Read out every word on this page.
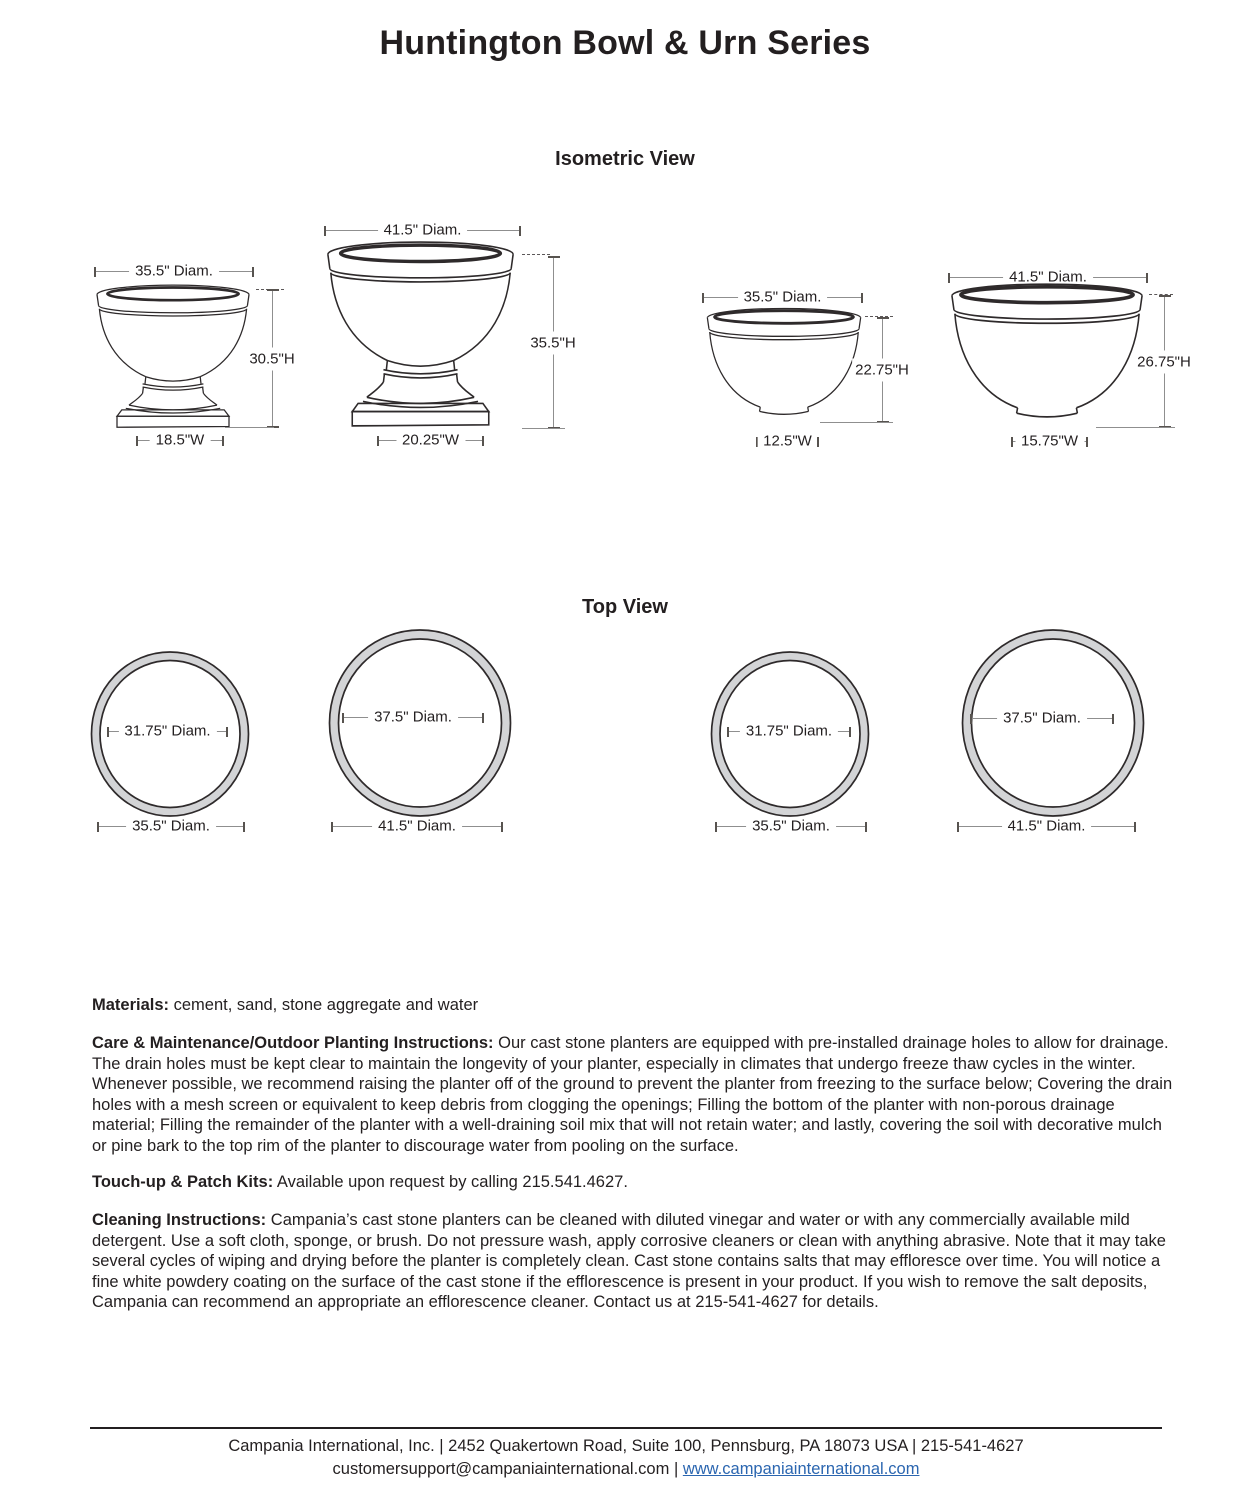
Huntington Bowl & Urn Series
Isometric View
35.5" Diam.
30.5"H
18.5"W
41.5" Diam.
35.5"H
20.25"W
35.5" Diam.
22.75"H
12.5"W
41.5" Diam.
26.75"H
15.75"W
Top View
31.75" Diam.
35.5" Diam.
37.5" Diam.
41.5" Diam.
31.75" Diam.
35.5" Diam.
37.5" Diam.
41.5" Diam.
Materials: cement, sand, stone aggregate and water
Care & Maintenance/Outdoor Planting Instructions: Our cast stone planters are equipped with pre-installed drainage holes to allow for drainage. The drain holes must be kept clear to maintain the longevity of your planter, especially in climates that undergo freeze thaw cycles in the winter. Whenever possible, we recommend raising the planter off of the ground to prevent the planter from freezing to the surface below; Covering the drain holes with a mesh screen or equivalent to keep debris from clogging the openings; Filling the bottom of the planter with non-porous drainage material; Filling the remainder of the planter with a well-draining soil mix that will not retain water; and lastly, covering the soil with decorative mulch or pine bark to the top rim of the planter to discourage water from pooling on the surface.
Touch-up & Patch Kits: Available upon request by calling 215.541.4627.
Cleaning Instructions: Campania’s cast stone planters can be cleaned with diluted vinegar and water or with any commercially available mild detergent. Use a soft cloth, sponge, or brush. Do not pressure wash, apply corrosive cleaners or clean with anything abrasive. Note that it may take several cycles of wiping and drying before the planter is completely clean. Cast stone contains salts that may effloresce over time. You will notice a fine white powdery coating on the surface of the cast stone if the efflorescence is present in your product. If you wish to remove the salt deposits, Campania can recommend an appropriate an efflorescence cleaner. Contact us at 215-541-4627 for details.
Campania International, Inc. | 2452 Quakertown Road, Suite 100, Pennsburg, PA 18073 USA | 215-541-4627
customersupport@campaniainternational.com | www.campaniainternational.com
